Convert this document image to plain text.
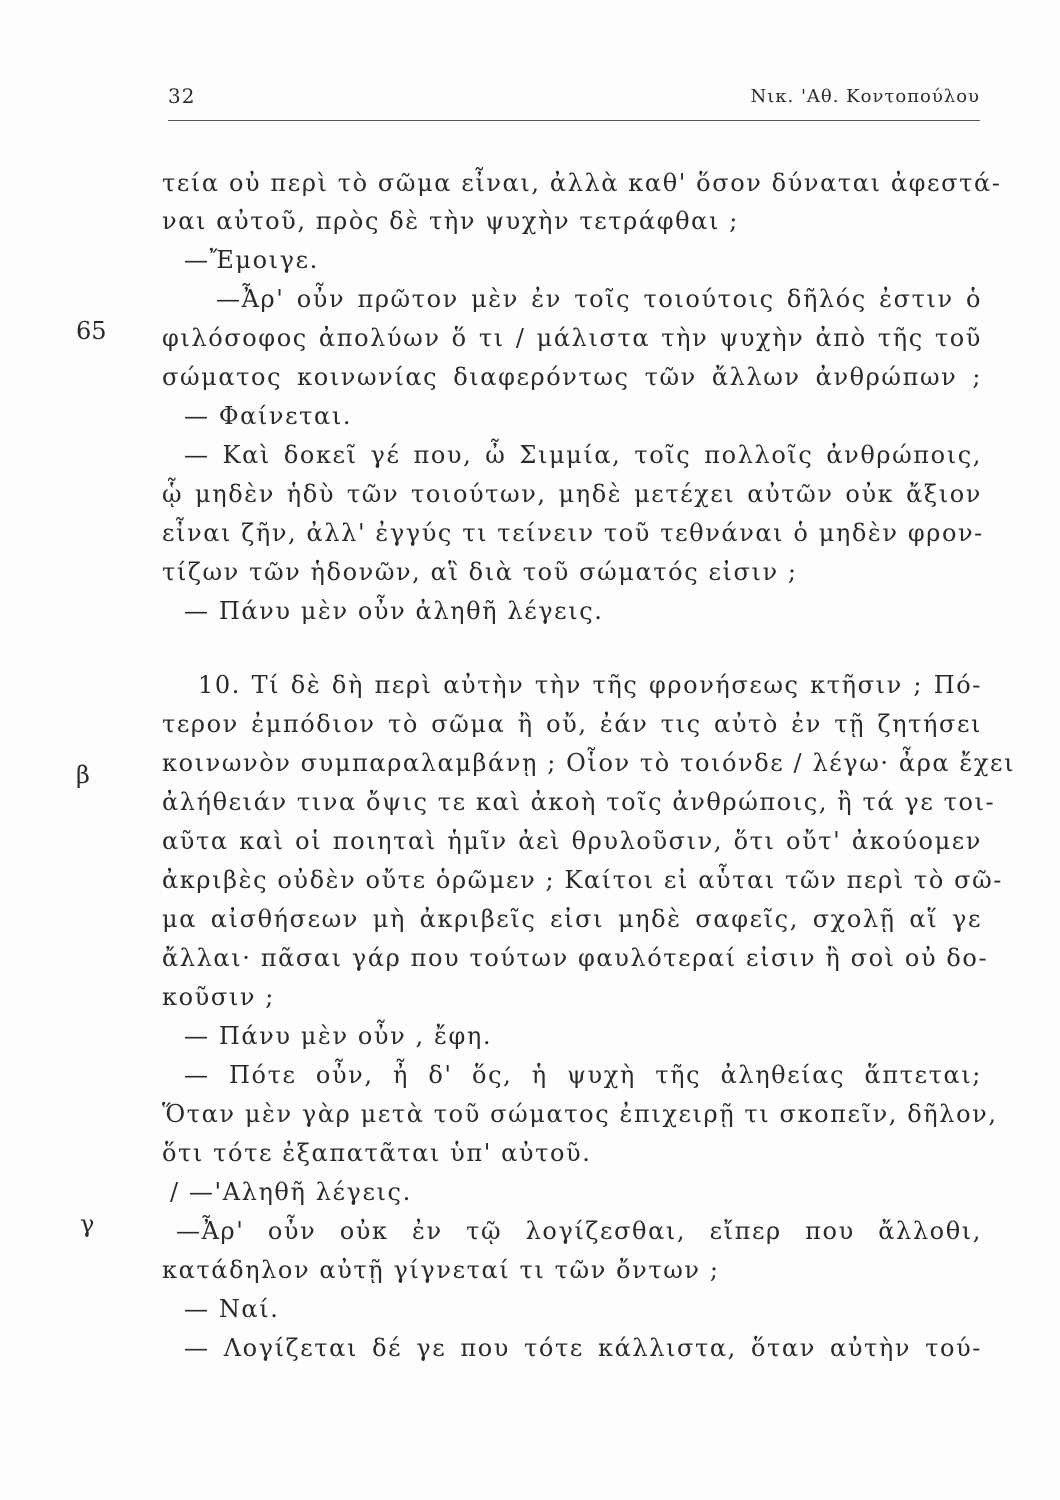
32	Νικ. 'Αθ. Κοντοπούλου
65
β
γ
τεία οὐ περὶ τὸ σῶμα εἶναι, ἀλλὰ καθ' ὅσον δύναται ἀφεστά-
ναι αὐτοῦ, πρὸς δὲ τὴν ψυχὴν τετράφθαι ;
—Ἔμοιγε.
—Ἆρ' οὖν πρῶτον μὲν ἐν τοῖς τοιούτοις δῆλός ἐστιν ὁ
φιλόσοφος ἀπολύων ὅ τι / μάλιστα τὴν ψυχὴν ἀπὸ τῆς τοῦ
σώματος κοινωνίας διαφερόντως τῶν ἄλλων ἀνθρώπων ;
— Φαίνεται.
— Καὶ δοκεῖ γέ που, ὦ Σιμμία, τοῖς πολλοῖς ἀνθρώποις,
ᾧ μηδὲν ἡδὺ τῶν τοιούτων, μηδὲ μετέχει αὐτῶν οὐκ ἄξιον
εἶναι ζῆν, ἀλλ' ἐγγύς τι τείνειν τοῦ τεθνάναι ὁ μηδὲν φρον-
τίζων τῶν ἡδονῶν, αἳ διὰ τοῦ σώματός εἰσιν ;
— Πάνυ μὲν οὖν ἀληθῆ λέγεις.
10. Τί δὲ δὴ περὶ αὐτὴν τὴν τῆς φρονήσεως κτῆσιν ; Πό-
τερον ἐμπόδιον τὸ σῶμα ἢ οὔ, ἐάν τις αὐτὸ ἐν τῇ ζητήσει
κοινωνὸν συμπαραλαμβάνῃ ; Οἷον τὸ τοιόνδε / λέγω· ἆρα ἔχει
ἀλήθειάν τινα ὄψις τε καὶ ἀκοὴ τοῖς ἀνθρώποις, ἢ τά γε τοι-
αῦτα καὶ οἱ ποιηταὶ ἡμῖν ἀεὶ θρυλοῦσιν, ὅτι οὔτ' ἀκούομεν
ἀκριβὲς οὐδὲν οὔτε ὁρῶμεν ; Καίτοι εἰ αὗται τῶν περὶ τὸ σῶ-
μα αἰσθήσεων μὴ ἀκριβεῖς εἰσι μηδὲ σαφεῖς, σχολῇ αἵ γε
ἄλλαι· πᾶσαι γάρ που τούτων φαυλότεραί εἰσιν ἢ σοὶ οὐ δο-
κοῦσιν ;
— Πάνυ μὲν οὖν , ἔφη.
— Πότε οὖν, ἦ δ' ὅς, ἡ ψυχὴ τῆς ἀληθείας ἅπτεται;
Ὅταν μὲν γὰρ μετὰ τοῦ σώματος ἐπιχειρῇ τι σκοπεῖν, δῆλον,
ὅτι τότε ἐξαπατᾶται ὑπ' αὐτοῦ.
/ —'Αληθῆ λέγεις.
—Ἆρ' οὖν οὐκ ἐν τῷ λογίζεσθαι, εἴπερ που ἄλλοθι,
κατάδηλον αὐτῇ γίγνεταί τι τῶν ὄντων ;
— Ναί.
— Λογίζεται δέ γε που τότε κάλλιστα, ὅταν αὐτὴν τού-
